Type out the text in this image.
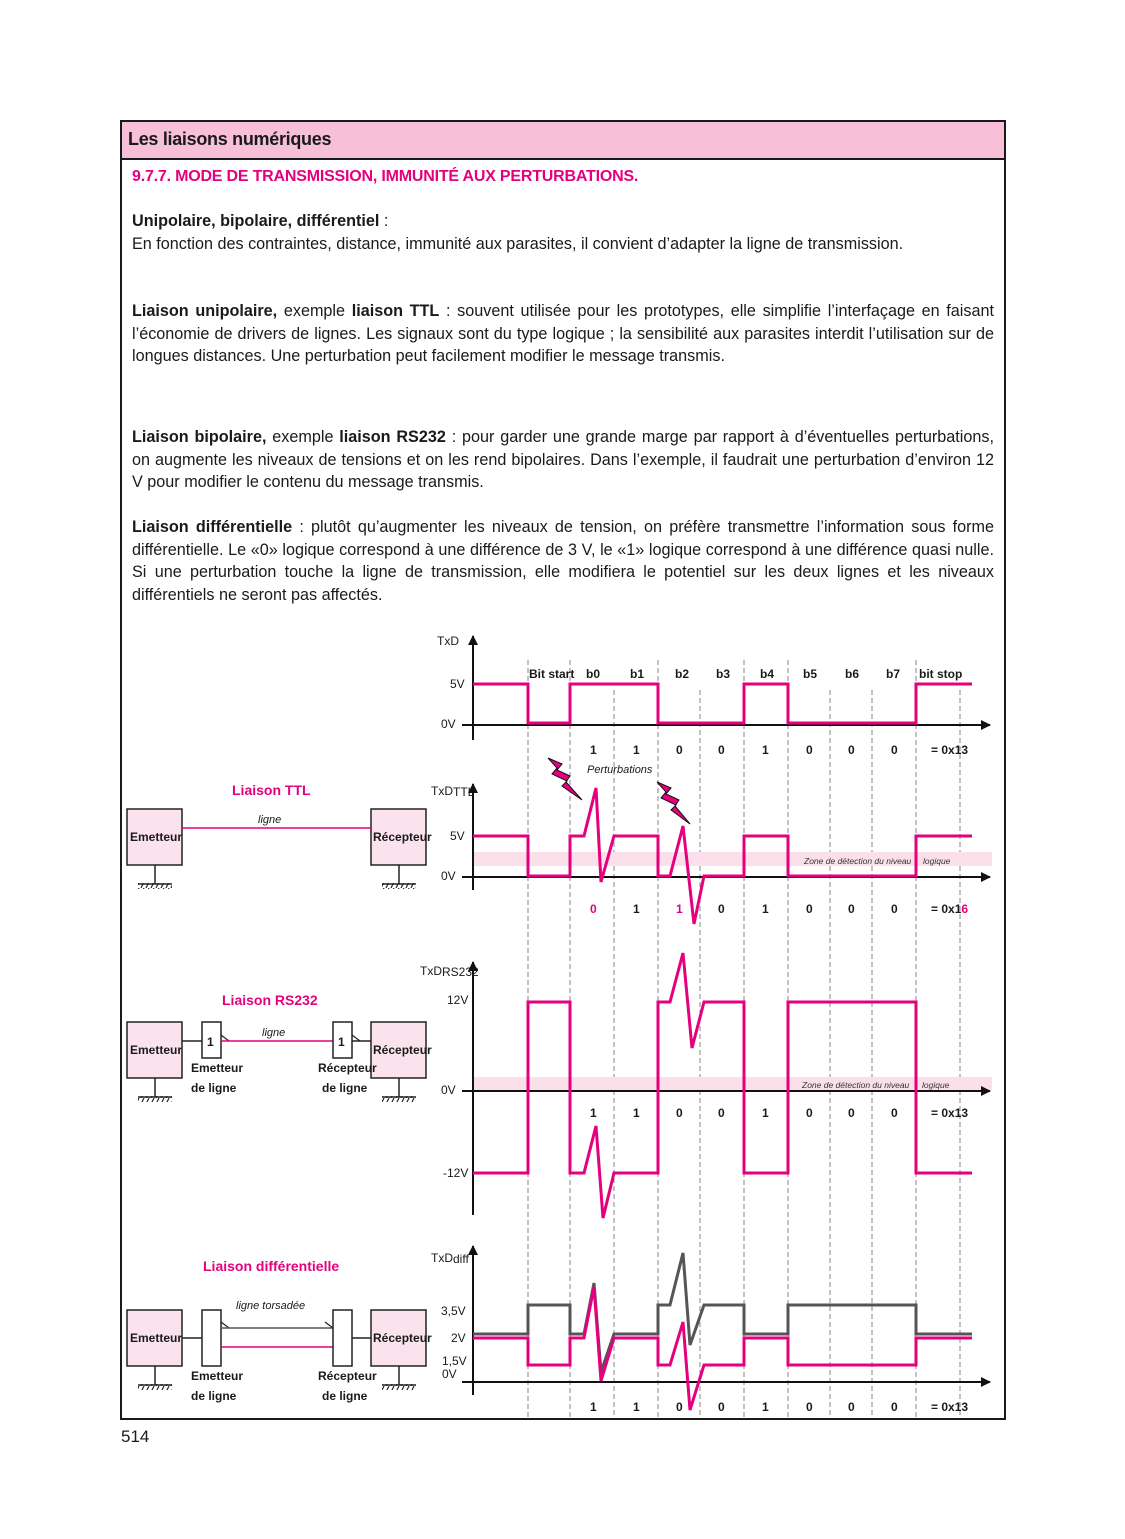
Les liaisons numériques
9.7.7. MODE DE TRANSMISSION, IMMUNITÉ AUX PERTURBATIONS.
Unipolaire, bipolaire, différentiel :
En fonction des contraintes, distance, immunité aux parasites, il convient d’adapter la ligne de transmission.
Liaison unipolaire, exemple liaison TTL : souvent utilisée pour les prototypes, elle simplifie l’interfaçage en faisant l’économie de drivers de lignes. Les signaux sont du type logique ; la sensibilité aux parasites interdit l’utilisation sur de longues distances. Une perturbation peut facilement modifier le message transmis.
Liaison bipolaire, exemple liaison RS232 : pour garder une grande marge par rapport à d’éventuelles perturbations, on augmente les niveaux de tensions et on les rend bipolaires. Dans l’exemple, il faudrait une perturbation d’environ 12 V pour modifier le contenu du message transmis.
Liaison différentielle : plutôt qu’augmenter les niveaux de tension, on préfère transmettre l’information sous forme différentielle. Le «0» logique correspond à une différence de 3 V, le «1» logique correspond à une différence quasi nulle. Si une perturbation touche la ligne de transmission, elle modifiera le potentiel sur les deux lignes et les niveaux différentiels ne seront pas affectés.
TxD
5V
0V
Bit start b0 b1	b2 b3 b4 b5 b6 b7 bit stop
1	1	0	0	1	0	0	0	= 0x13
Perturbations
Liaison TTL
Emetteur	Récepteur
ligne
TxD TTL
5V
0V
Zone de détection du niveau logique
0	1	1	0	1	0	0	0	= 0x16
Liaison RS232
Emetteur
1
ligne
1
Récepteur
Emetteur
de ligne
Récepteur
de ligne
TxD RS232
12V
0V
-12V
Zone de détection du niveau logique
1	1	0	0	1	0	0	0	= 0x13
Liaison différentielle
Emetteur
ligne torsadée
Récepteur
Emetteur
de ligne
Récepteur
de ligne
TxD diff
3,5V
2V
1,5V
0V
1	1	0	0	1	0	0	0	= 0x13
514
